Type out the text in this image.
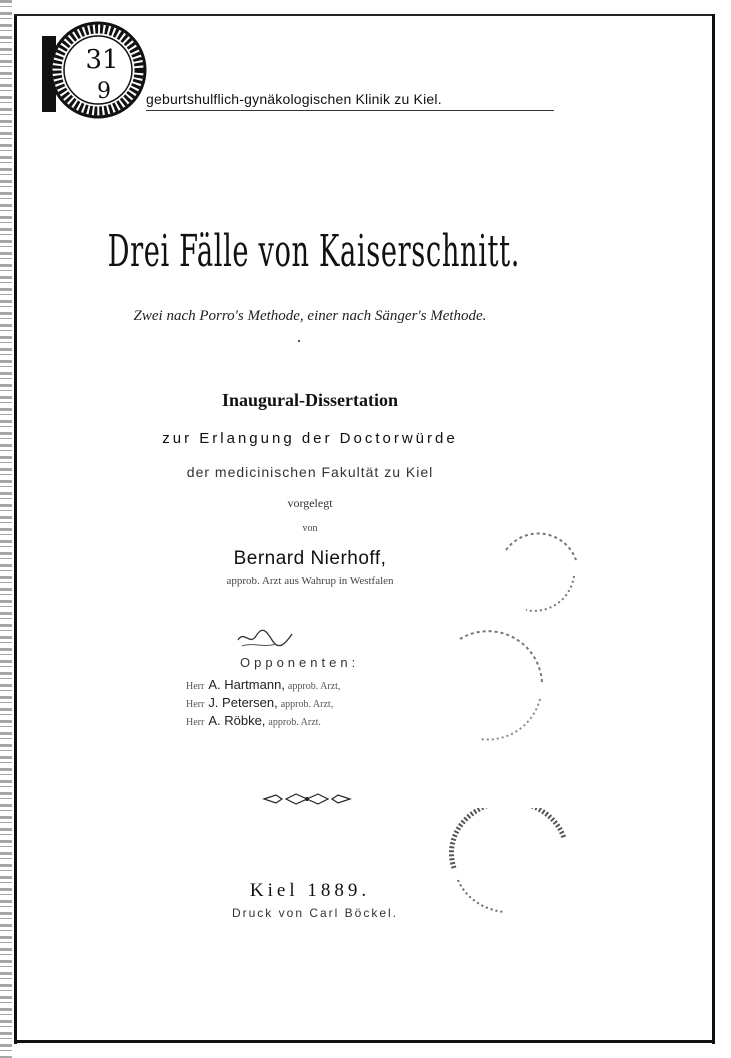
31
9	geburtshulflich-gynäkologischen Klinik zu Kiel.
Drei Fälle von Kaiserschnitt.
Zwei nach Porro's Methode, einer nach Sänger's Methode.
Inaugural-Dissertation
zur Erlangung der Doctorwürde
der medicinischen Fakultät zu Kiel
vorgelegt
von
Bernard Nierhoff,
approb. Arzt aus Wahrup in Westfalen
Opponenten:
Herr A. Hartmann, approb. Arzt,
Herr J. Petersen, approb. Arzt,
Herr A. Röbke, approb. Arzt.
Kiel 1889.
Druck von Carl Böckel.
